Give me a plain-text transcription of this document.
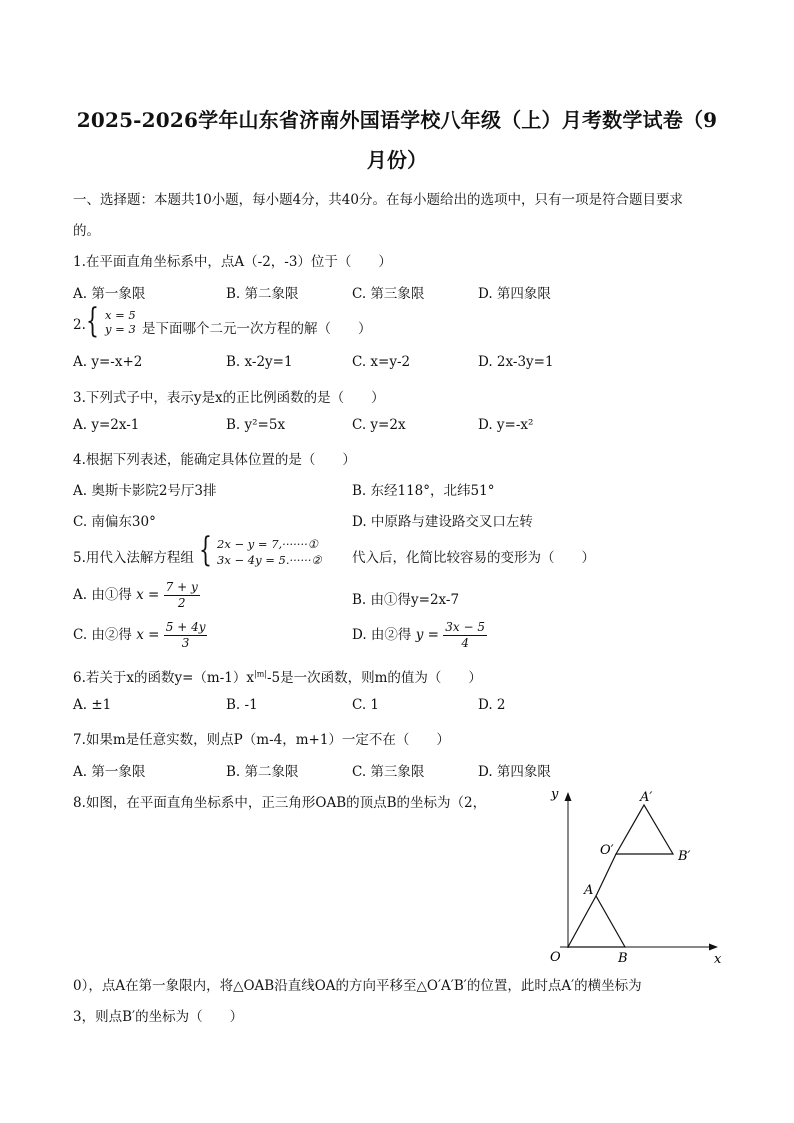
2025-2026学年山东省济南外国语学校八年级（上）月考数学试卷（9
月份）
一、选择题：本题共10小题，每小题4分，共40分。在每小题给出的选项中，只有一项是符合题目要求
的。
1.在平面直角坐标系中，点A（-2，-3）位于（　　）
A. 第一象限	B. 第二象限	C. 第三象限	D. 第四象限
2. { x = 5
y = 3 是下面哪个二元一次方程的解（　　）
A. y=-x+2	B. x-2y=1	C. x=y-2	D. 2x-3y=1
3.下列式子中，表示y是x的正比例函数的是（　　）
A. y=2x-1	B. y²=5x	C. y=2x	D. y=-x²
4.根据下列表述，能确定具体位置的是（　　）
A. 奥斯卡影院2号厅3排	B. 东经118°，北纬51°
C. 南偏东30°	D. 中原路与建设路交叉口左转
5.用代入法解方程组 { 2x − y = 7,·······①
3x − 4y = 5.······② 代入后，化简比较容易的变形为（　　）
A. 由①得 $x = \frac{7 + y}{2}$	B. 由①得y=2x-7
C. 由②得 $x = \frac{5 + 4y}{3}$	D. 由②得 $y = \frac{3x - 5}{4}$
6.若关于x的函数$y=(m-1)x^{|m|}-5$是一次函数，则m的值为（　　）
A. ±1	B. -1	C. 1	D. 2
7.如果m是任意实数，则点P（m-4，m+1）一定不在（　　）
A. 第一象限	B. 第二象限	C. 第三象限	D. 第四象限
8.如图，在平面直角坐标系中，正三角形OAB的顶点B的坐标为（2，
y
x
O	B
A
O′
A′
B′
0），点A在第一象限内，将△OAB沿直线OA的方向平移至△O′A′B′的位置，此时点A′的横坐标为
3，则点B′的坐标为（　　）
